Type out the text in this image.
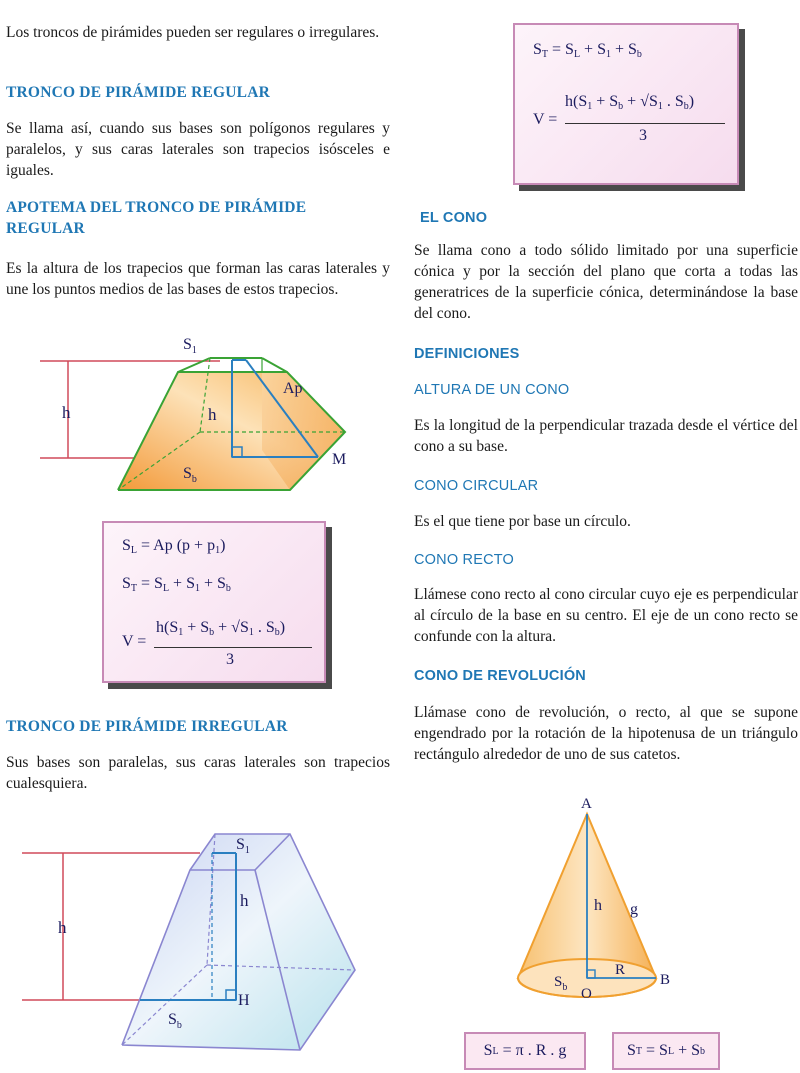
Los troncos de pirámides pueden ser regulares o irregulares.

TRONCO DE PIRÁMIDE REGULAR

Se llama así, cuando sus bases son polígonos regulares y paralelos, y sus caras laterales son trapecios isósceles e iguales.

APOTEMA DEL TRONCO DE PIRÁMIDE REGULAR

Es la altura de los trapecios que forman las caras laterales y une los puntos medios de las bases de estos trapecios.

$S_1$
Ap
h	h
M
$S_b$
$S_L = Ap$ $(p + p_1)$
$S_T = S_L + S_1 + S_b$
V =
$h(S_1 + S_b + √S_1$ . $S_b$)
3
TRONCO DE PIRÁMIDE IRREGULAR

Sus bases son paralelas, sus caras laterales son trapecios cualesquiera.

$S_1$
h
h
H
$S_b$
$S_T = S_L + S_1 + S_b$
V =
$h(S_1 + S_b + √S_1$ . $S_b$)
3
EL CONO

Se llama cono a todo sólido limitado por una superficie cónica y por la sección del plano que corta a todas las generatrices de la superficie cónica, determinándose la base del cono.

DEFINICIONES
ALTURA DE UN CONO

Es la longitud de la perpendicular trazada desde el vértice del cono a su base.

CONO CIRCULAR

Es el que tiene por base un círculo.

CONO RECTO

Llámese cono recto al cono circular cuyo eje es perpendicular al círculo de la base en su centro. El eje de un cono recto se confunde con la altura.

CONO DE REVOLUCIÓN

Llámase cono de revolución, o recto, al que se supone engendrado por la rotación de la hipotenusa de un triángulo rectángulo alrededor de uno de sus catetos.

A
h g
R
B
O
$S_b$
S L
= π . R . g	S T
= S L
+ S b
